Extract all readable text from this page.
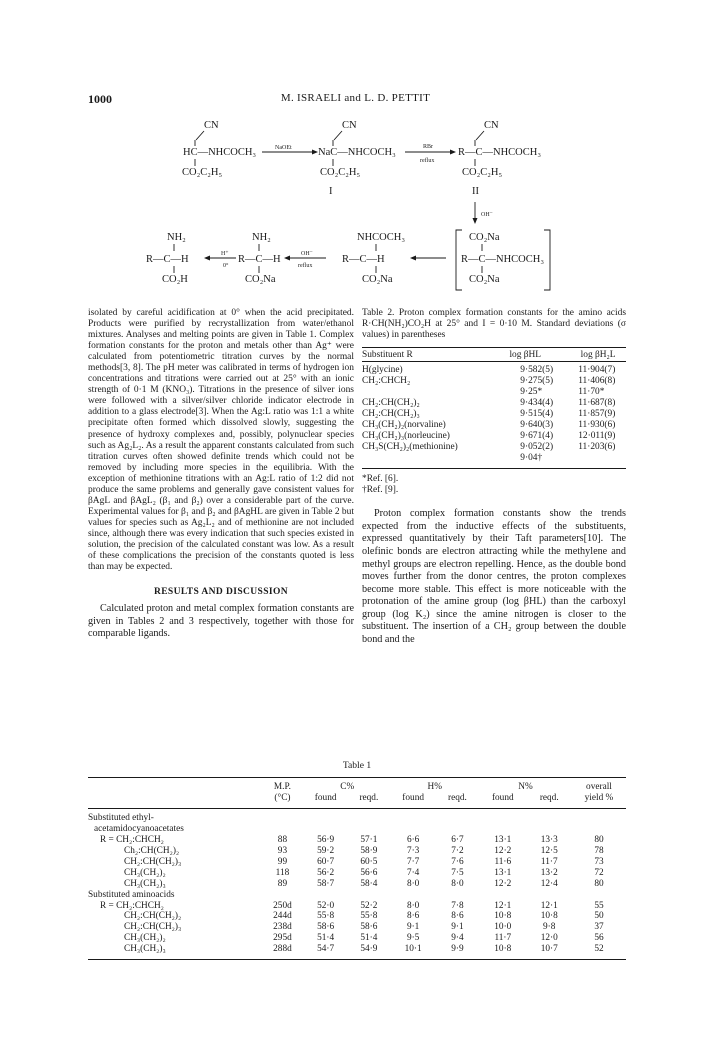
1000	M. ISRAELI and L. D. PETTIT
CN
HC—NHCOCH₃
CO₂C₂H₅
NaOEt
CN
NaC—NHCOCH₃
CO₂C₂H₅
I
RBr
reflux
CN
R—C—NHCOCH₃
CO₂C₂H₅
II
OH⁻
NH₂
R—C—H
CO₂H
H⁺
0°
NH₂
R—C—H
CO₂Na
OH⁻
reflux
NHCOCH₃
R—C—H
CO₂Na
CO₂Na
R—C—NHCOCH₃
CO₂Na

isolated by careful acidification at 0° when the acid precipitated. Products were purified by recrystallization from water/ethanol mixtures. Analyses and melting points are given in Table 1. Complex formation constants for the proton and metals other than Ag⁺ were calculated from potentiometric titration curves by the normal methods[3, 8]. The pH meter was calibrated in terms of hydrogen ion concentrations and titrations were carried out at 25° with an ionic strength of 0·1 M (KNO₃). Titrations in the presence of silver ions were followed with a silver/silver chloride indicator electrode in addition to a glass electrode[3]. When the Ag:L ratio was 1:1 a white precipitate often formed which dissolved slowly, suggesting the presence of hydroxy complexes and, possibly, polynuclear species such as Ag₂L₂. As a result the apparent constants calculated from such titration curves often showed definite trends which could not be removed by including more species in the equilibria. With the exception of methionine titrations with an Ag:L ratio of 1:2 did not produce the same problems and generally gave consistent values for βAgL and βAgL₂ (β₁ and β₂) over a considerable part of the curve. Experimental values for β₁ and β₂ and βAgHL are given in Table 2 but values for species such as Ag₂L₂ and of methionine are not included since, although there was every indication that such species existed in solution, the precision of the calculated constant was low. As a result of these complications the precision of the constants quoted is less than may be expected.

RESULTS AND DISCUSSION

Calculated proton and metal complex formation constants are given in Tables 2 and 3 respectively, together with those for comparable ligands.

Table 2. Proton complex formation constants for the amino acids R·CH(NH₂)CO₂H at 25° and I = 0·10 M. Standard deviations (σ values) in parentheses

Substituent R	log βHL	log βH₂L

H(glycine)	9·582(5)	11·904(7)
CH₂:CHCH₂	9·275(5)	11·406(8)
	9·25*	11·70*
CH₂:CH(CH₂)₂	9·434(4)	11·687(8)
CH₂:CH(CH₂)₃	9·515(4)	11·857(9)
CH₃(CH₂)₂(norvaline)	9·640(3)	11·930(6)
CH₃(CH₂)₃(norleucine)	9·671(4)	12·011(9)
CH₃S(CH₂)₂(methionine)	9·052(2)	11·203(6)
	9·04†	

*Ref. [6].
†Ref. [9].

Proton complex formation constants show the trends expected from the inductive effects of the substituents, expressed quantitatively by their Taft parameters[10]. The olefinic bonds are electron attracting while the methylene and methyl groups are electron repelling. Hence, as the double bond moves further from the donor centres, the proton complexes become more stable. This effect is more noticeable with the protonation of the amine group (log βHL) than the carboxyl group (log K₂) since the amine nitrogen is closer to the substituent. The insertion of a CH₂ group between the double bond and the

Table 1
	M.P.	C%		H%		N%		overall
	(°C)	found	reqd.	found	reqd.	found	reqd.	yield %

Substituted ethyl-								
acetamidocyanoacetates								
R = CH₂:CHCH₂	88	56·9	57·1	6·6	6·7	13·1	13·3	80
Ch₂:CH(CH₂)₂	93	59·2	58·9	7·3	7·2	12·2	12·5	78
CH₂:CH(CH₂)₃	99	60·7	60·5	7·7	7·6	11·6	11·7	73
CH₃(CH₂)₂	118	56·2	56·6	7·4	7·5	13·1	13·2	72
CH₃(CH₂)₃	89	58·7	58·4	8·0	8·0	12·2	12·4	80
Substituted aminoacids								
R = CH₂:CHCH₂	250d	52·0	52·2	8·0	7·8	12·1	12·1	55
CH₂:CH(CH₂)₂	244d	55·8	55·8	8·6	8·6	10·8	10·8	50
CH₂:CH(CH₂)₃	238d	58·6	58·6	9·1	9·1	10·0	9·8	37
CH₃(CH₂)₂	295d	51·4	51·4	9·5	9·4	11·7	12·0	56
CH₃(CH₂)₃	288d	54·7	54·9	10·1	9·9	10·8	10·7	52
